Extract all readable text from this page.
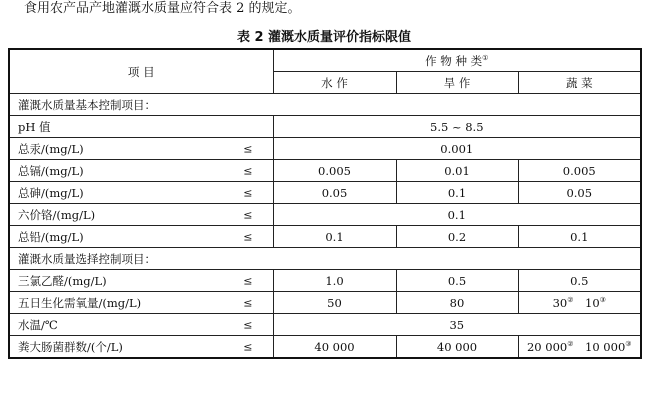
食用农产品产地灌溉水质量应符合表 2 的规定。
表 2 灌溉水质量评价指标限值
项 目	作 物 种 类①
	水 作	旱 作	蔬 菜
灌溉水质量基本控制项目：			
pH 值	5.5 ~ 8.5		
总汞/(mg/L) ≤	0.001		
总镉/(mg/L) ≤	0.005	0.01	0.005
总砷/(mg/L) ≤	0.05	0.1	0.05
六价铬/(mg/L) ≤	0.1		
总铅/(mg/L) ≤	0.1	0.2	0.1
灌溉水质量选择控制项目：			
三氯乙醛/(mg/L) ≤	1.0	0.5	0.5
五日生化需氧量/(mg/L) ≤	50	80	30②  10③
水温/℃ ≤	35		
粪大肠菌群数/(个/L) ≤	40 000	40 000	20 000②  10 000③
